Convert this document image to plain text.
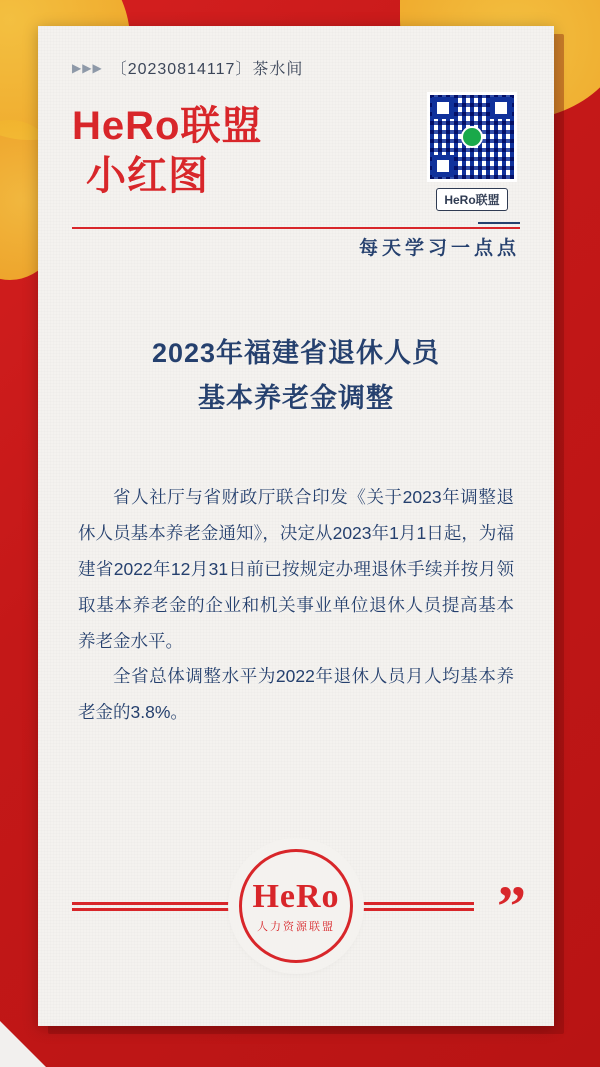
▶▶▶ 〔20230814117〕茶水间
HeRo联盟
小红图
HeRo联盟
每天学习一点点
2023年福建省退休人员
基本养老金调整

省人社厅与省财政厅联合印发《关于2023年调整退休人员基本养老金通知》，决定从2023年1月1日起，为福建省2022年12月31日前已按规定办理退休手续并按月领取基本养老金的企业和机关事业单位退休人员提高基本养老金水平。

全省总体调整水平为2022年退休人员月人均基本养老金的3.8%。

HeRo
人力资源联盟	”
